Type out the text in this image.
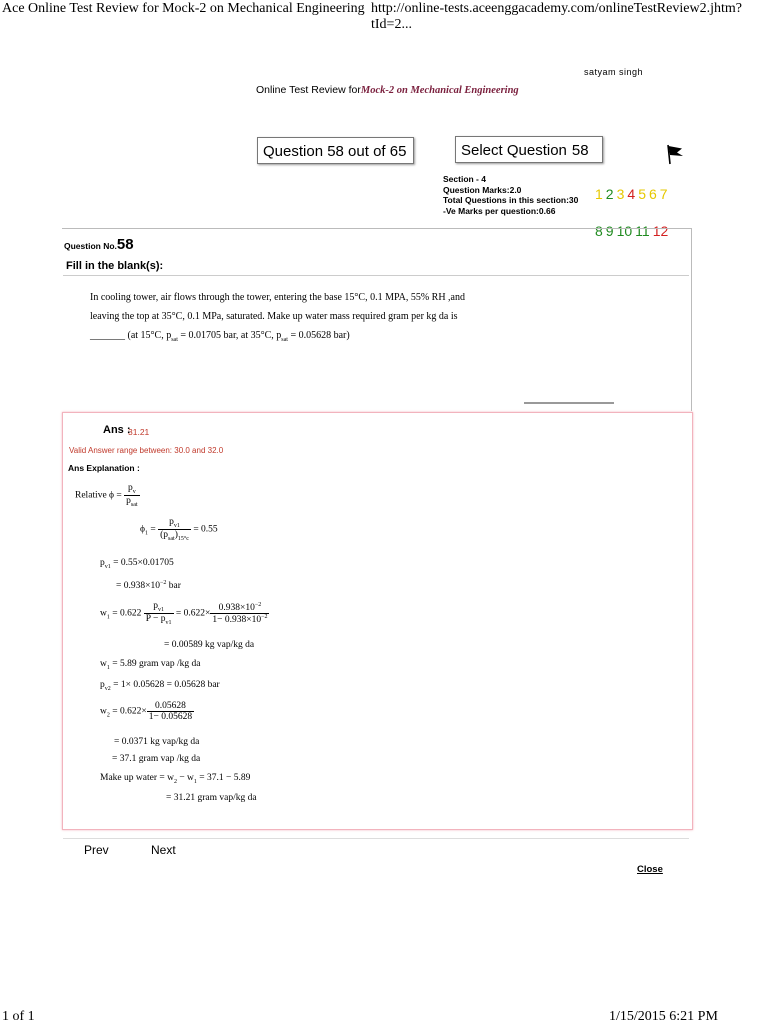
Ace Online Test Review for Mock-2 on Mechanical Engineering http://online-tests.aceenggacademy.com/onlineTestReview2.jhtm?tId=2...
satyam singh
Online Test Review forMock-2 on Mechanical Engineering
Question 58 out of 65	Select Question 58
Section - 4
Question Marks:2.0
Total Questions in this section:30
-Ve Marks per question:0.66
1 2 3 4 5 6 7
8 9 10 11 12
Question No.58
Fill in the blank(s):
In cooling tower, air flows through the tower, entering the base 15°C, 0.1 MPA, 55% RH ,and
leaving the top at 35°C, 0.1 MPa, saturated. Make up water mass required gram per kg da is
_______ (at 15°C, $p_{sat} = 0.01705$ bar, at 35°C, $p_{sat} = 0.05628$ bar)
Ans :
31.21
Valid Answer range between: 30.0 and 32.0
Ans Explanation :
Relative $\phi = \frac{p_v}{p_{sat}}$
$\phi_1 = \frac{p_{v1}}{(p_{sat})_{15^\circ c}} = 0.55$
$p_{v1} = 0.55\times 0.01705$
= $0.938\times 10^{-2}$ bar
$w_1 = 0.622 \frac{p_{v1}}{P - p_{v1}} = 0.622\times \frac{0.938\times 10^{-2}}{1- 0.938\times 10^{-2}}$
= 0.00589 kg vap/kg da
$w_1 = 5.89$ gram vap /kg da
$p_{v2} = 1\times 0.05628 = 0.05628$ bar
$w_2 = 0.622\times \frac{0.05628}{1- 0.05628}$
= 0.0371 kg vap/kg da
= 37.1 gram vap /kg da
Make up water = $w_2 - w_1 = 37.1 - 5.89$
= 31.21 gram vap/kg da
Prev	Next
Close
1 of 1	1/15/2015 6:21 PM
